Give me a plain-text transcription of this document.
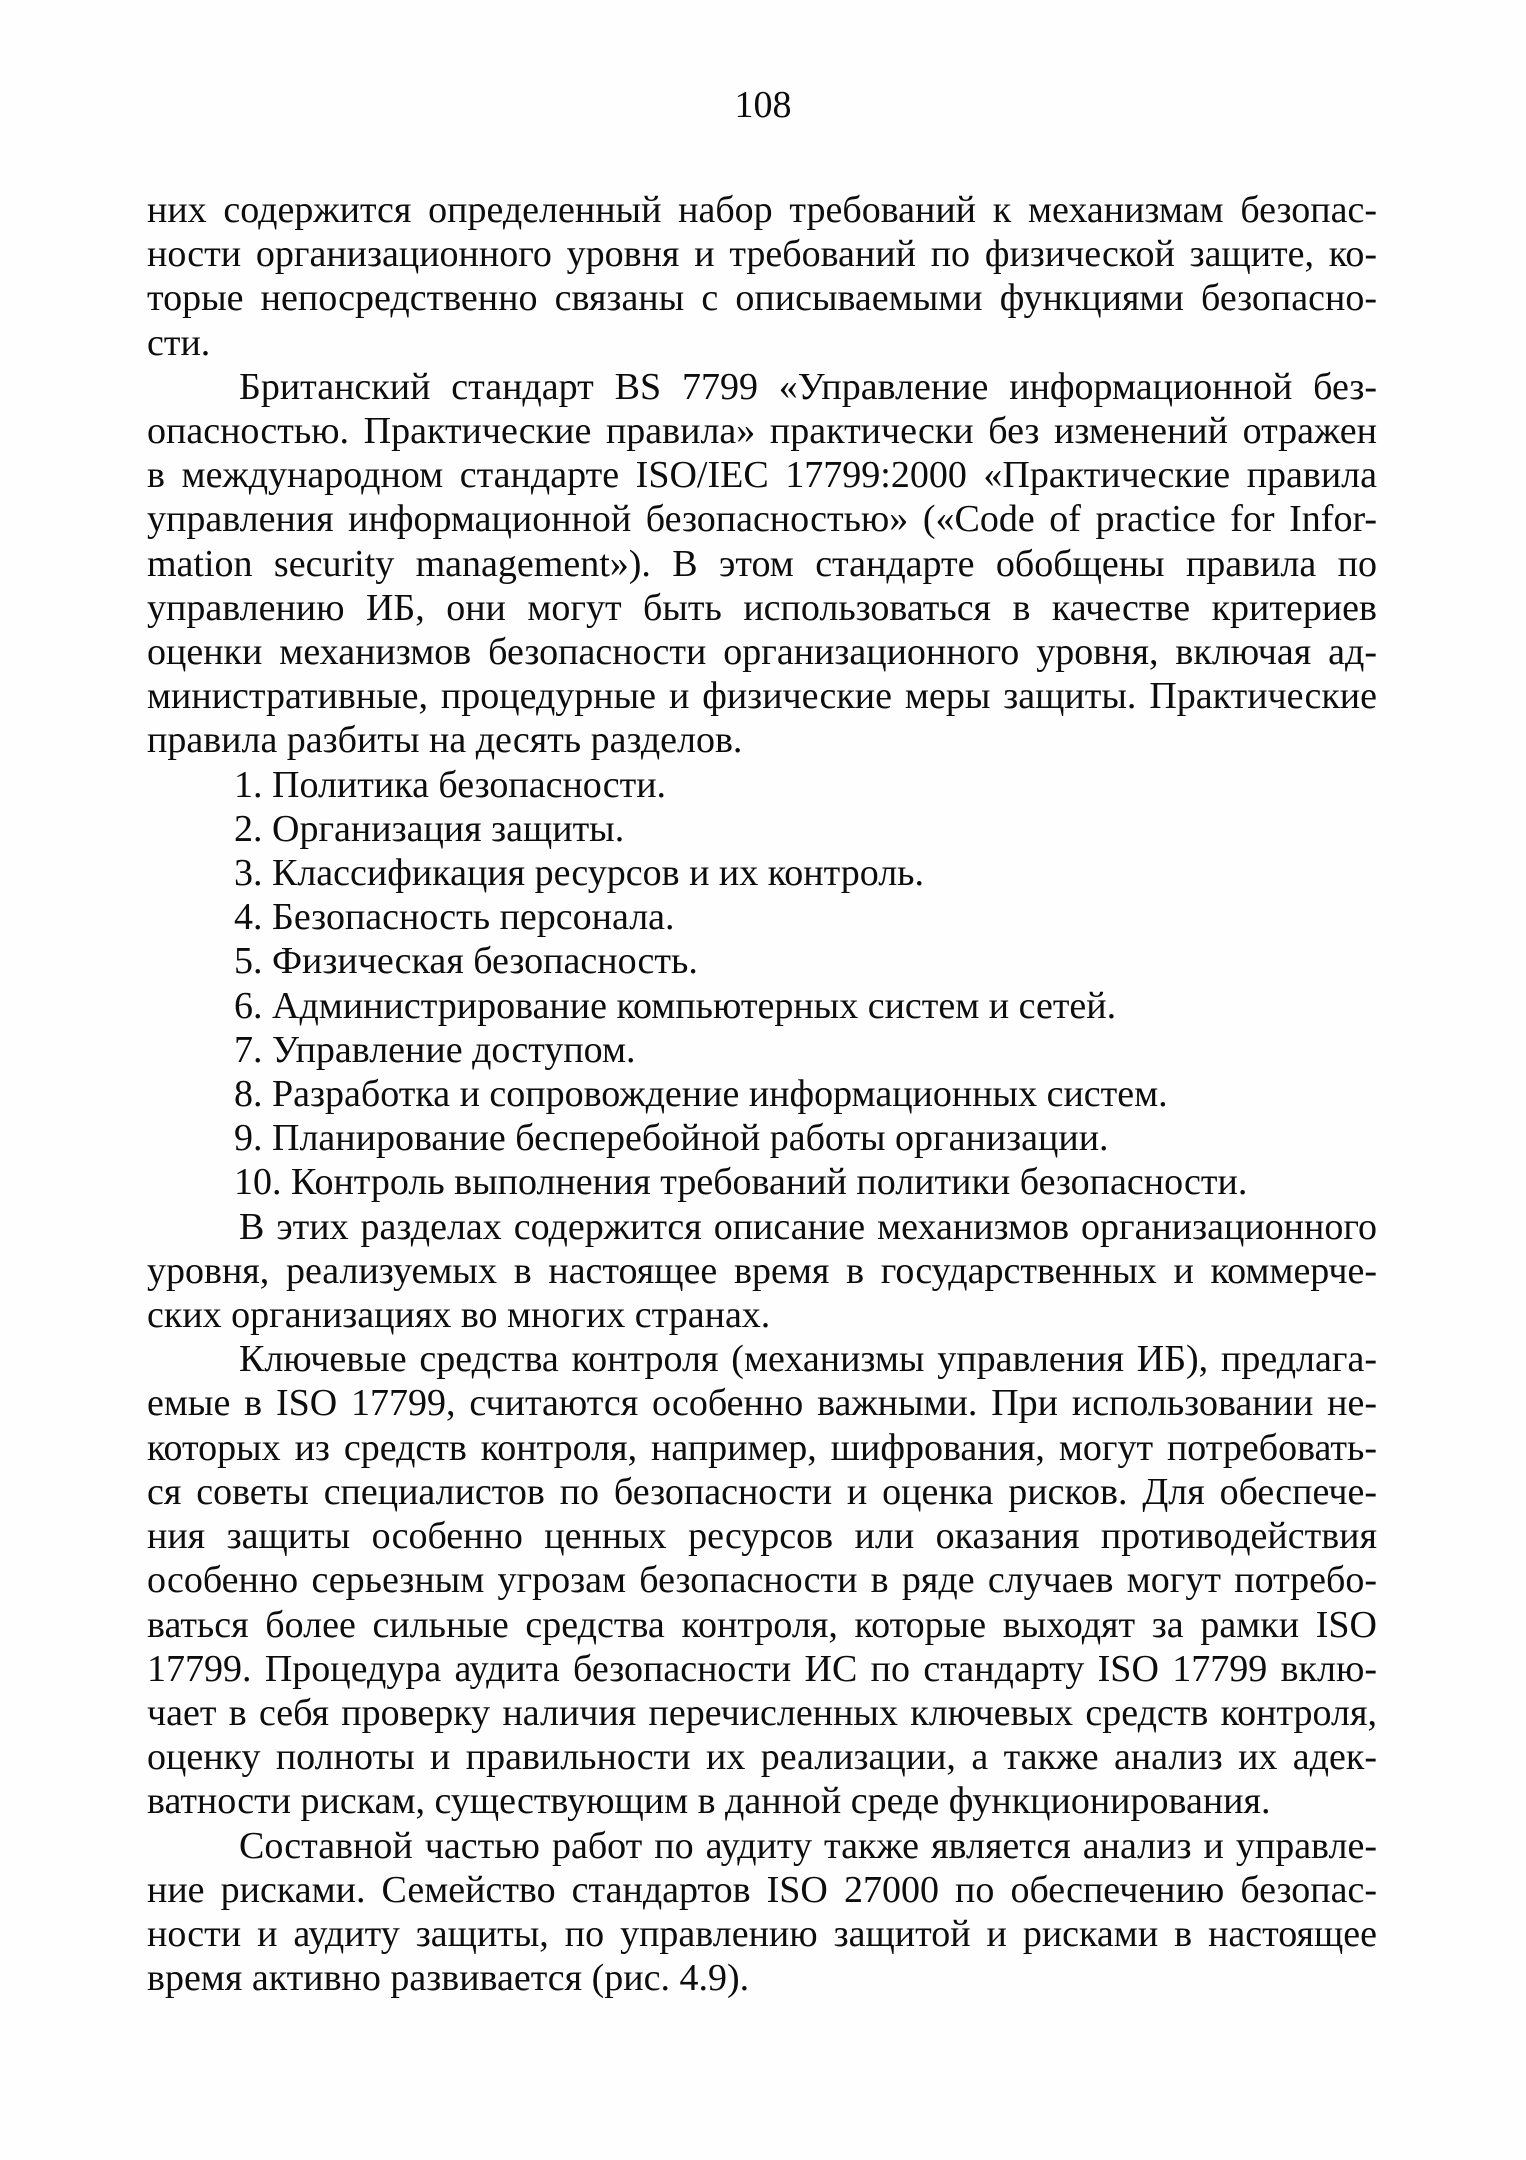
108
них содержится определенный набор требований к механизмам безопас-
ности организационного уровня и требований по физической защите, ко-
торые непосредственно связаны с описываемыми функциями безопасно-
сти.
Британский стандарт BS 7799 «Управление информационной без-
опасностью. Практические правила» практически без изменений отражен
в международном стандарте ISO/IEC 17799:2000 «Практические правила
управления информационной безопасностью» («Code of practice for Infor-
mation security management»). В этом стандарте обобщены правила по
управлению ИБ, они могут быть использоваться в качестве критериев
оценки механизмов безопасности организационного уровня, включая ад-
министративные, процедурные и физические меры защиты. Практические
правила разбиты на десять разделов.
1. Политика безопасности.
2. Организация защиты.
3. Классификация ресурсов и их контроль.
4. Безопасность персонала.
5. Физическая безопасность.
6. Администрирование компьютерных систем и сетей.
7. Управление доступом.
8. Разработка и сопровождение информационных систем.
9. Планирование бесперебойной работы организации.
10. Контроль выполнения требований политики безопасности.
В этих разделах содержится описание механизмов организационного
уровня, реализуемых в настоящее время в государственных и коммерче-
ских организациях во многих странах.
Ключевые средства контроля (механизмы управления ИБ), предлага-
емые в ISO 17799, считаются особенно важными. При использовании не-
которых из средств контроля, например, шифрования, могут потребовать-
ся советы специалистов по безопасности и оценка рисков. Для обеспече-
ния защиты особенно ценных ресурсов или оказания противодействия
особенно серьезным угрозам безопасности в ряде случаев могут потребо-
ваться более сильные средства контроля, которые выходят за рамки ISO
17799. Процедура аудита безопасности ИС по стандарту ISO 17799 вклю-
чает в себя проверку наличия перечисленных ключевых средств контроля,
оценку полноты и правильности их реализации, а также анализ их адек-
ватности рискам, существующим в данной среде функционирования.
Составной частью работ по аудиту также является анализ и управле-
ние рисками. Семейство стандартов ISO 27000 по обеспечению безопас-
ности и аудиту защиты, по управлению защитой и рисками в настоящее
время активно развивается (рис. 4.9).
